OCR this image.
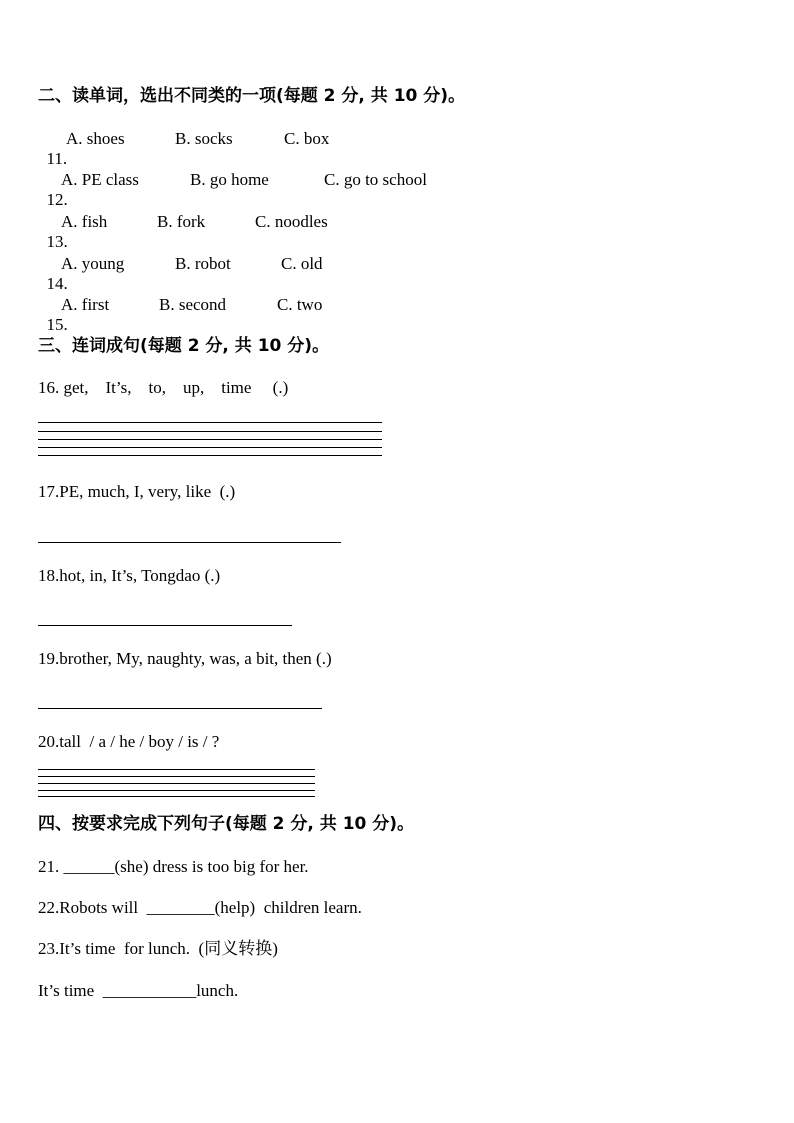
二、读单词，选出不同类的一项(每题 2 分, 共 10 分)。

11.

A. shoes

	B. socks

	C. box

12.

A. PE class

	B. go home

	C. go to school

13.

A. fish

	B. fork

	C. noodles

14.

A. young

	B. robot

	C. old

15.

A. first

	B. second

	C. two

三、连词成句(每题 2 分, 共 10 分)。
16. get,    It’s,    to,    up,    time     (.)
17.PE, much, I, very, like  (.)
18.hot, in, It’s, Tongdao (.)
19.brother, My, naughty, was, a bit, then (.)
20.tall  / a / he / boy / is / ?
四、按要求完成下列句子(每题 2 分, 共 10 分)。
21. ______(she) dress is too big for her.
22.Robots will  ________(help)  children learn.
23.It’s time  for lunch.  (同义转换)
It’s time  ___________lunch.
